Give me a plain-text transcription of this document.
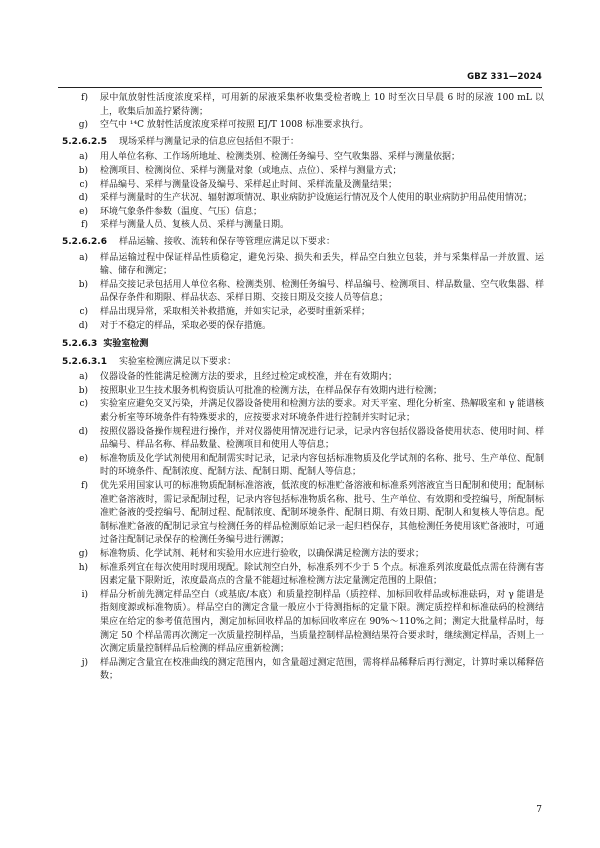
GBZ 331—2024
f)	尿中氚放射性活度浓度采样，可用新的尿液采集杯收集受检者晚上 10 时至次日早晨 6 时的尿液 100 mL 以上，收集后加盖拧紧待测；
g)	空气中 ¹⁴C 放射性活度浓度采样可按照 EJ/T 1008 标准要求执行。
5.2.6.2.5 现场采样与测量记录的信息应包括但不限于：
a)	用人单位名称、工作场所地址、检测类别、检测任务编号、空气收集器、采样与测量依据；
b)	检测项目、检测岗位、采样与测量对象（或地点、点位）、采样与测量方式；
c)	样品编号、采样与测量设备及编号、采样起止时间、采样流量及测量结果；
d)	采样与测量时的生产状况、辐射源项情况、职业病防护设施运行情况及个人使用的职业病防护用品使用情况；
e)	环境气象条件参数（温度、气压）信息；
f)	采样与测量人员、复核人员、采样与测量日期。
5.2.6.2.6 样品运输、接收、流转和保存等管理应满足以下要求：
a)	样品运输过程中保证样品性质稳定，避免污染、损失和丢失，样品空白独立包装，并与采集样品一并放置、运输、储存和测定；
b)	样品交接记录包括用人单位名称、检测类别、检测任务编号、样品编号、检测项目、样品数量、空气收集器、样品保存条件和期限、样品状态、采样日期、交接日期及交接人员等信息；
c)	样品出现异常，采取相关补救措施，并如实记录，必要时重新采样；
d)	对于不稳定的样品，采取必要的保存措施。
5.2.6.3 实验室检测
5.2.6.3.1 实验室检测应满足以下要求：
a)	仪器设备的性能满足检测方法的要求，且经过检定或校准，并在有效期内；
b)	按照职业卫生技术服务机构资质认可批准的检测方法，在样品保存有效期内进行检测；
c)	实验室应避免交叉污染，并满足仪器设备使用和检测方法的要求。对天平室、理化分析室、热解吸室和 γ 能谱核素分析室等环境条件有特殊要求的，应按要求对环境条件进行控制并实时记录；
d)	按照仪器设备操作规程进行操作，并对仪器使用情况进行记录，记录内容包括仪器设备使用状态、使用时间、样品编号、样品名称、样品数量、检测项目和使用人等信息；
e)	标准物质及化学试剂使用和配制需实时记录，记录内容包括标准物质及化学试剂的名称、批号、生产单位、配制时的环境条件、配制浓度、配制方法、配制日期、配制人等信息；
f)	优先采用国家认可的标准物质配制标准溶液，低浓度的标准贮备溶液和标准系列溶液宜当日配制和使用；配制标准贮备溶液时，需记录配制过程，记录内容包括标准物质名称、批号、生产单位、有效期和受控编号，所配制标准贮备液的受控编号、配制过程、配制浓度、配制环境条件、配制日期、有效日期、配制人和复核人等信息。配制标准贮备液的配制记录宜与检测任务的样品检测原始记录一起归档保存，其他检测任务使用该贮备液时，可通过备注配制记录保存的检测任务编号进行溯源；
g)	标准物质、化学试剂、耗材和实验用水应进行验收，以确保满足检测方法的要求；
h)	标准系列宜在每次使用时现用现配。除试剂空白外，标准系列不少于 5 个点。标准系列浓度最低点需在待测有害因素定量下限附近，浓度最高点的含量不能超过标准检测方法定量测定范围的上限值；
i)	样品分析前先测定样品空白（或基底/本底）和质量控制样品（质控样、加标回收样品或标准砝码，对 γ 能谱是指刻度源或标准物质）。样品空白的测定含量一般应小于待测指标的定量下限。测定质控样和标准砝码的检测结果应在给定的参考值范围内，测定加标回收样品的加标回收率应在 90%～110%之间；测定大批量样品时，每测定 50 个样品需再次测定一次质量控制样品，当质量控制样品检测结果符合要求时，继续测定样品，否则上一次测定质量控制样品后检测的样品应重新检测；
j)	样品测定含量宜在校准曲线的测定范围内，如含量超过测定范围，需将样品稀释后再行测定，计算时乘以稀释倍数；
7
